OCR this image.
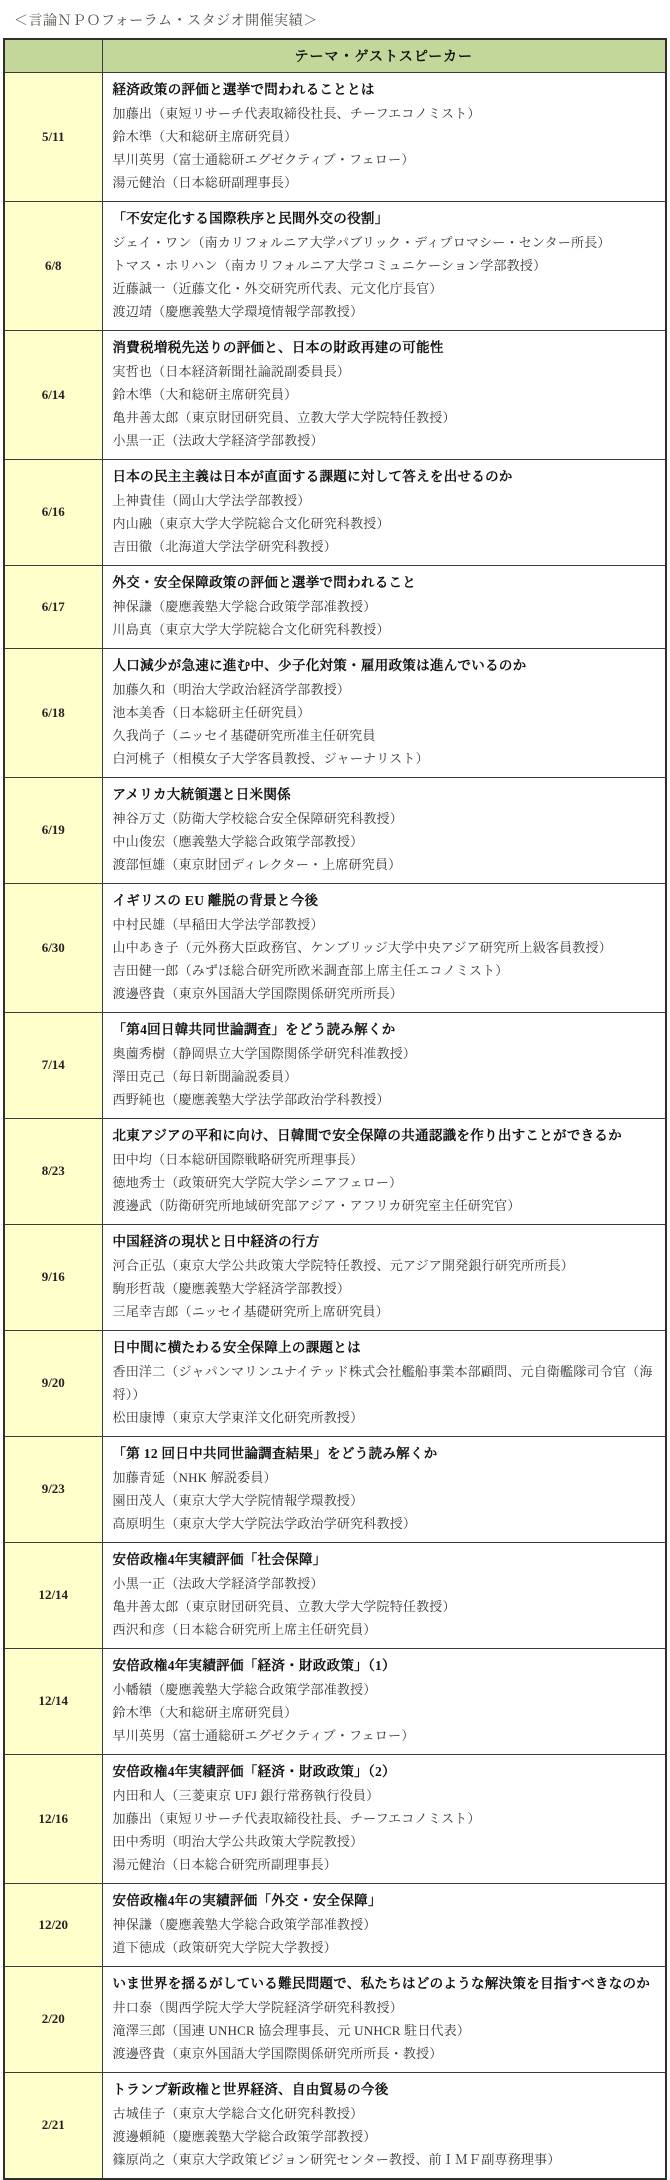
＜言論ＮＰＯフォーラム・スタジオ開催実績＞
	テーマ・ゲストスピーカー
5/11	経済政策の評価と選挙で問われることとは
加藤出（東短リサーチ代表取締役社長、チーフエコノミスト）
鈴木準（大和総研主席研究員）
早川英男（富士通総研エグゼクティブ・フェロー）
湯元健治（日本総研副理事長）

6/8	「不安定化する国際秩序と民間外交の役割」
ジェイ・ワン（南カリフォルニア大学パブリック・ディプロマシー・センター所長）
トマス・ホリハン（南カリフォルニア大学コミュニケーション学部教授）
近藤誠一（近藤文化・外交研究所代表、元文化庁長官）
渡辺靖（慶應義塾大学環境情報学部教授）

6/14	消費税増税先送りの評価と、日本の財政再建の可能性
実哲也（日本経済新聞社論説副委員長）
鈴木準（大和総研主席研究員）
亀井善太郎（東京財団研究員、立教大学大学院特任教授）
小黒一正（法政大学経済学部教授）

6/16	日本の民主主義は日本が直面する課題に対して答えを出せるのか
上神貴佳（岡山大学法学部教授）
内山融（東京大学大学院総合文化研究科教授）
吉田徹（北海道大学法学研究科教授）

6/17	外交・安全保障政策の評価と選挙で問われること
神保謙（慶應義塾大学総合政策学部准教授）
川島真（東京大学大学院総合文化研究科教授）

6/18	人口減少が急速に進む中、少子化対策・雇用政策は進んでいるのか
加藤久和（明治大学政治経済学部教授）
池本美香（日本総研主任研究員）
久我尚子（ニッセイ基礎研究所准主任研究員
白河桃子（相模女子大学客員教授、ジャーナリスト）

6/19	アメリカ大統領選と日米関係
神谷万丈（防衛大学校総合安全保障研究科教授）
中山俊宏（應義塾大学総合政策学部教授）
渡部恒雄（東京財団ディレクター・上席研究員）

6/30	イギリスの EU 離脱の背景と今後
中村民雄（早稲田大学法学部教授）
山中あき子（元外務大臣政務官、ケンブリッジ大学中央アジア研究所上級客員教授）
吉田健一郎（みずほ総合研究所欧米調査部上席主任エコノミスト）
渡邊啓貴（東京外国語大学国際関係研究所所長）

7/14	「第4回日韓共同世論調査」をどう読み解くか
奥薗秀樹（静岡県立大学国際関係学研究科准教授）
澤田克己（毎日新聞論説委員）
西野純也（慶應義塾大学法学部政治学科教授）

8/23	北東アジアの平和に向け、日韓間で安全保障の共通認識を作り出すことができるか
田中均（日本総研国際戦略研究所理事長）
徳地秀士（政策研究大学院大学シニアフェロー）
渡邊武（防衛研究所地域研究部アジア・アフリカ研究室主任研究官）

9/16	中国経済の現状と日中経済の行方
河合正弘（東京大学公共政策大学院特任教授、元アジア開発銀行研究所所長）
駒形哲哉（慶應義塾大学経済学部教授）
三尾幸吉郎（ニッセイ基礎研究所上席研究員）

9/20	日中間に横たわる安全保障上の課題とは
香田洋二（ジャパンマリンユナイテッド株式会社艦船事業本部顧問、元自衛艦隊司令官（海将））
松田康博（東京大学東洋文化研究所教授）

9/23	「第 12 回日中共同世論調査結果」をどう読み解くか
加藤青延（NHK 解説委員）
園田茂人（東京大学大学院情報学環教授）
高原明生（東京大学大学院法学政治学研究科教授）

12/14	安倍政権4年実績評価「社会保障」
小黒一正（法政大学経済学部教授）
亀井善太郎（東京財団研究員、立教大学大学院特任教授）
西沢和彦（日本総合研究所上席主任研究員）

12/14	安倍政権4年実績評価「経済・財政政策」（1）
小幡績（慶應義塾大学総合政策学部准教授）
鈴木準（大和総研主席研究員）
早川英男（富士通総研エグゼクティブ・フェロー）

12/16	安倍政権4年実績評価「経済・財政政策」（2）
内田和人（三菱東京 UFJ 銀行常務執行役員）
加藤出（東短リサーチ代表取締役社長、チーフエコノミスト）
田中秀明（明治大学公共政策大学院教授）
湯元健治（日本総合研究所副理事長）

12/20	安倍政権4年の実績評価「外交・安全保障」
神保謙（慶應義塾大学総合政策学部准教授）
道下徳成（政策研究大学院大学教授）

2/20	いま世界を揺るがしている難民問題で、私たちはどのような解決策を目指すべきなのか
井口泰（関西学院大学大学院経済学研究科教授）
滝澤三郎（国連 UNHCR 協会理事長、元 UNHCR 駐日代表）
渡邊啓貴（東京外国語大学国際関係研究所所長・教授）

2/21	トランプ新政権と世界経済、自由貿易の今後
古城佳子（東京大学総合文化研究科教授）
渡邊頼純（慶應義塾大学総合政策学部教授）
篠原尚之（東京大学政策ビジョン研究センター教授、前ＩＭＦ副専務理事）
